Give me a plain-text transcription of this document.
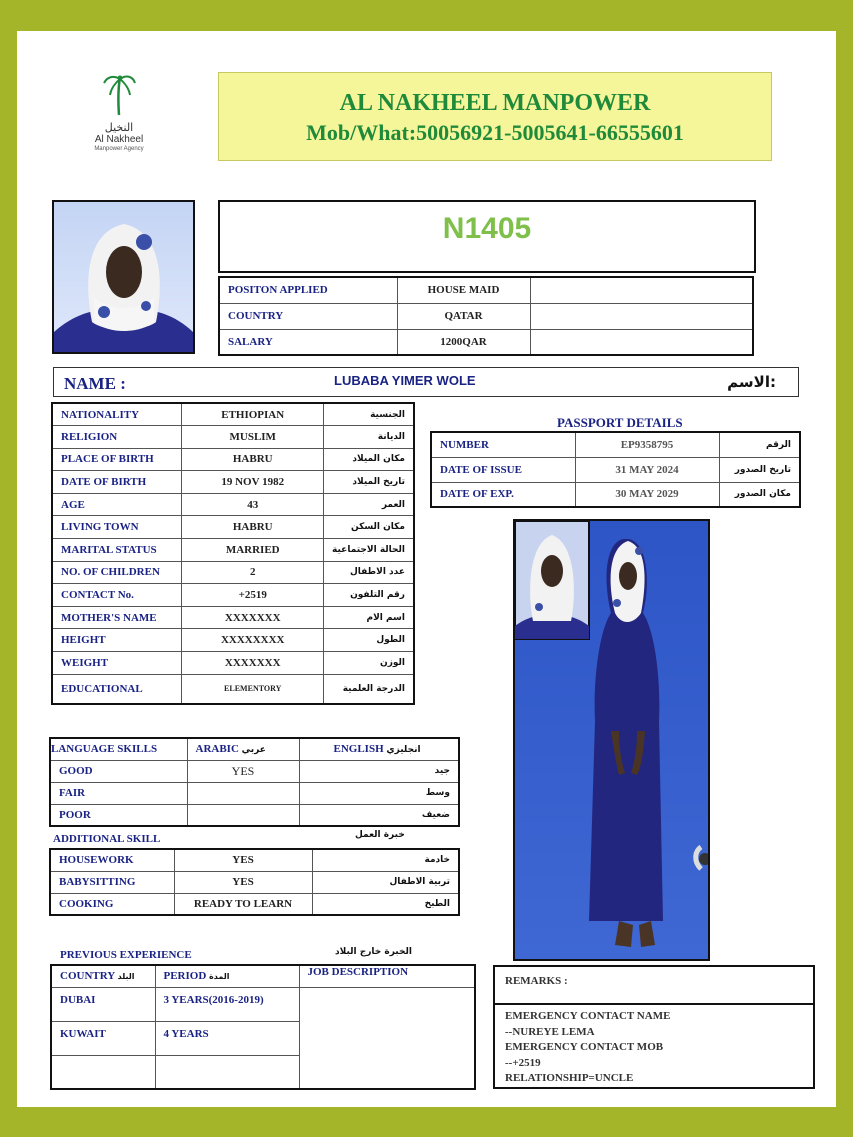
النخيل
Al Nakheel
Manpower Agency
AL NAKHEEL MANPOWER
Mob/What:50056921-5005641-66555601
N1405
POSITON APPLIED	HOUSE MAID	
COUNTRY	QATAR	
SALARY	1200QAR	
NAME :	LUBABA YIMER WOLE	الاسم:
NATIONALITY	ETHIOPIAN	الجنسية
RELIGION	MUSLIM	الديانة
PLACE OF BIRTH	HABRU	مكان الميلاد
DATE OF BIRTH	19 NOV 1982	تاريخ الميلاد
AGE	43	العمر
LIVING TOWN	HABRU	مكان السكن
MARITAL STATUS	MARRIED	الحالة الاجتماعية
NO. OF CHILDREN	2	عدد الاطفال
CONTACT No.	+2519	رقم التلفون
MOTHER'S NAME	XXXXXXX	اسم الام
HEIGHT	XXXXXXXX	الطول
WEIGHT	XXXXXXX	الوزن
EDUCATIONAL	ELEMENTORY	الدرجة العلمية
PASSPORT DETAILS
NUMBER	EP9358795	الرقم
DATE OF ISSUE	31 MAY 2024	تاريخ الصدور
DATE OF EXP.	30 MAY 2029	مكان الصدور
LANGUAGE SKILLS	ARABIC عربي	ENGLISH انجليزي
GOOD	YES	جيد
FAIR		وسط
POOR		ضعيف
ADDITIONAL SKILL	خبرة العمل
HOUSEWORK	YES	خادمة
BABYSITTING	YES	تربية الاطفال
COOKING	READY TO LEARN	الطبخ
PREVIOUS EXPERIENCE	الخبرة خارج البلاد
COUNTRY البلد	PERIOD المدة	JOB DESCRIPTION
DUBAI	3 YEARS(2016-2019)	
KUWAIT	4 YEARS	

REMARKS :
EMERGENCY CONTACT NAME
--NUREYE LEMA
EMERGENCY CONTACT MOB
--+2519
RELATIONSHIP=UNCLE
